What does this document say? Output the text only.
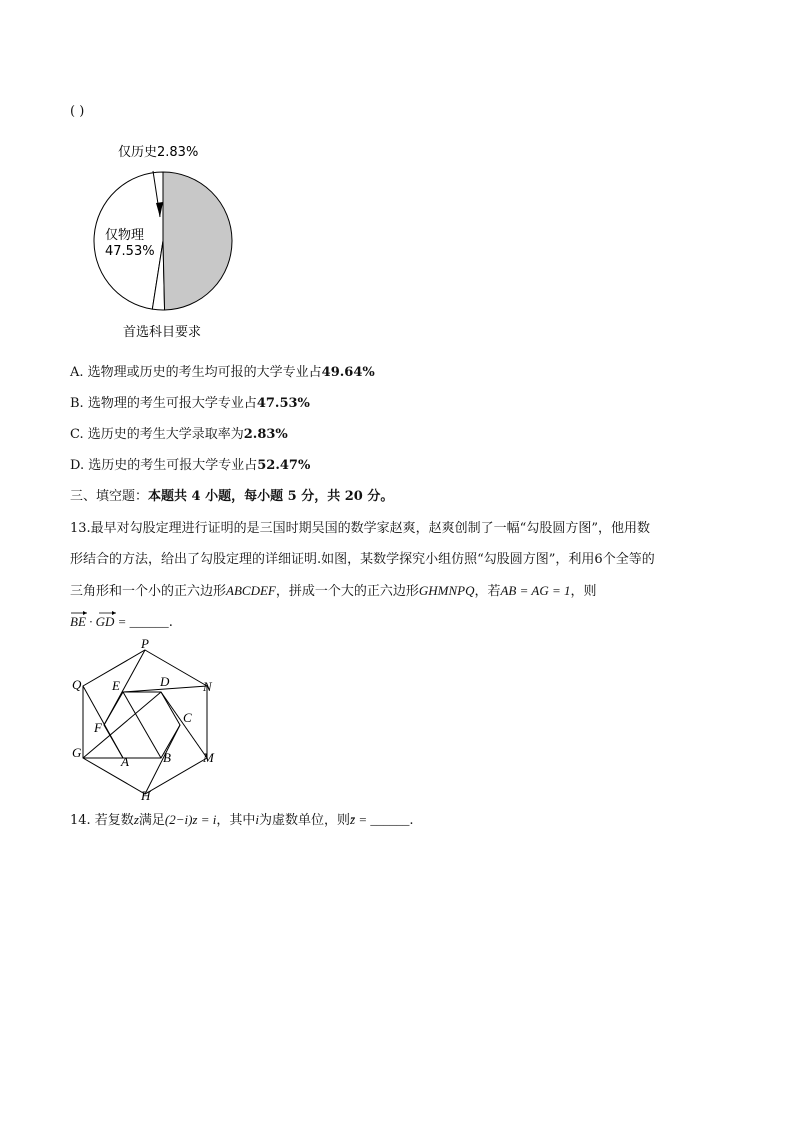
( )
仅历史2.83%
仅物理
47.53%
首选科目要求
A. 选物理或历史的考生均可报的大学专业占49.64%
B. 选物理的考生可报大学专业占47.53%
C. 选历史的考生大学录取率为2.83%
D. 选历史的考生可报大学专业占52.47%
三、填空题：本题共 4 小题，每小题 5 分，共 20 分。
13.最早对勾股定理进行证明的是三国时期吴国的数学家赵爽，赵爽创制了一幅“勾股圆方图”，他用数
形结合的方法，给出了勾股定理的详细证明.如图，某数学探究小组仿照“勾股圆方图”，利用6个全等的
三角形和一个小的正六边形ABCDEF，拼成一个大的正六边形GHMNPQ，若AB = AG = 1，则
BE · GD = ______.
P
Q	N
G	M
H
A	B
C
D
E
F
14. 若复数z满足(2−i)z = i，其中i为虚数单位，则z̄ = ______.
